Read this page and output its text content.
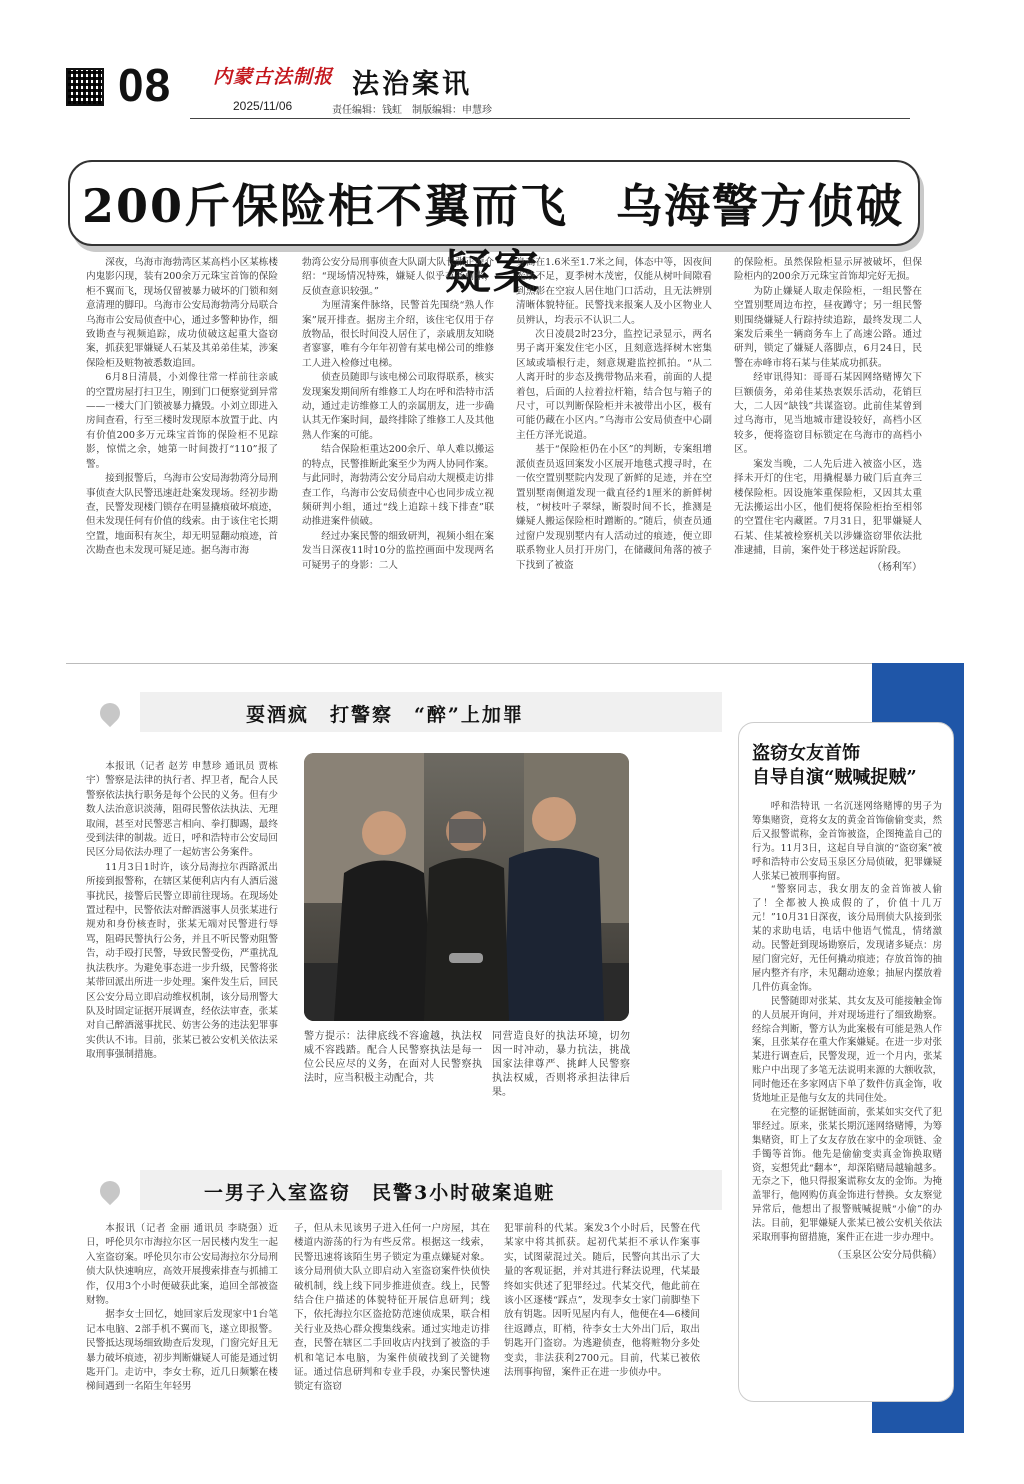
08 内蒙古法制报
2025/11/06
法治案讯
责任编辑：钱虹　制版编辑：申慧珍
200斤保险柜不翼而飞　乌海警方侦破疑案

深夜，乌海市海勃湾区某高档小区某栋楼内鬼影闪现，装有200余万元珠宝首饰的保险柜不翼而飞，现场仅留被暴力破坏的门锁和刻意清理的脚印。乌海市公安局海勃湾分局联合乌海市公安局侦查中心，通过多警种协作，细致勘查与视频追踪，成功侦破这起重大盗窃案，抓获犯罪嫌疑人石某及其弟弟佳某，涉案保险柜及赃物被悉数追回。

6月8日清晨，小刘像往常一样前往亲戚的空置房屋打扫卫生，刚到门口便察觉到异常——一楼大门门锁被暴力撬毁。小刘立即进入房间查看，行至三楼时发现原本放置于此、内有价值200多万元珠宝首饰的保险柜不见踪影，惊慌之余，她第一时间拨打“110”报了警。

接到报警后，乌海市公安局海勃湾分局刑事侦查大队民警迅速赶赴案发现场。经初步勘查，民警发现楼门锁存在明显撬痕破坏痕迹，但未发现任何有价值的线索。由于该住宅长期空置，地面积有灰尘，却无明显翻动痕迹，首次勘查也未发现可疑足迹。据乌海市海

勃湾公安分局刑事侦查大队副大队长张正源介绍：“现场情况特殊，嫌疑人似乎有备而来，反侦查意识较强。”

为厘清案件脉络，民警首先围绕“熟人作案”展开排查。据房主介绍，该住宅仅用于存放物品，很长时间没人居住了，亲戚朋友知晓者寥寥，唯有今年年初曾有某电梯公司的维修工人进入检修过电梯。

侦查员随即与该电梯公司取得联系，核实发现案发期间所有维修工人均在呼和浩特市活动，通过走访维修工人的亲属朋友，进一步确认其无作案时间，最终排除了维修工人及其他熟人作案的可能。

结合保险柜重达200余斤、单人难以搬运的特点，民警推断此案至少为两人协同作案。与此同时，海勃湾公安分局启动大规模走访排查工作，乌海市公安局侦查中心也同步成立视频研判小组，通过“线上追踪＋线下排查”联动推进案件侦破。

经过办案民警的细致研判，视频小组在案发当日深夜11时10分的监控画面中发现两名可疑男子的身影：二人

身高在1.6米至1.7米之间，体态中等，因夜间光线不足，夏季树木茂密，仅能从树叶间隙看到黑影在空寂人居住地门口活动，且无法辨别清晰体貌特征。民警找来报案人及小区物业人员辨认，均表示不认识二人。

次日凌晨2时23分，监控记录显示，两名男子离开案发住宅小区，且刻意选择树木密集区域或墙根行走，刻意规避监控抓拍。“从二人离开时的步态及携带物品来看，前面的人提着包，后面的人拉着拉杆箱，结合包与箱子的尺寸，可以判断保险柜并未被带出小区，极有可能仍藏在小区内。”乌海市公安局侦查中心副主任方泽光说道。

基于“保险柜仍在小区”的判断，专案组增派侦查员返回案发小区展开地毯式搜寻时，在一依空置别墅院内发现了新鲜的足迹，并在空置别墅南侧道发现一截直径约1厘米的新鲜树枝，“树枝叶子翠绿，断裂时间不长，推测是嫌疑人搬运保险柜时蹭断的。”随后，侦查员通过窗户发现别墅内有人活动过的痕迹，便立即联系物业人员打开房门，在储藏间角落的被子下找到了被盗

的保险柜。虽然保险柜显示屏被破坏，但保险柜内的200余万元珠宝首饰却完好无损。

为防止嫌疑人取走保险柜，一组民警在空置别墅周边布控，昼夜蹲守；另一组民警则围绕嫌疑人行踪持续追踪，最终发现二人案发后乘坐一辆商务车上了高速公路。通过研判，锁定了嫌疑人落脚点，6月24日，民警在赤峰市将石某与佳某成功抓获。

经审讯得知：哥哥石某因网络赌博欠下巨额债务，弟弟佳某热衷娱乐活动，花销巨大，二人因“缺钱”共谋盗窃。此前佳某曾到过乌海市，见当地城市建设较好，高档小区较多，便将盗窃目标锁定在乌海市的高档小区。

案发当晚，二人先后进入被盗小区，选择未开灯的住宅，用撬棍暴力破门后直奔三楼保险柜。因设施笨重保险柜，又因其太重无法搬运出小区，他们便将保险柜抬至相邻的空置住宅内藏匿。7月31日，犯罪嫌疑人石某、佳某被检察机关以涉嫌盗窃罪依法批准逮捕，目前，案件处于移送起诉阶段。

（杨利军）
耍酒疯　打警察　“醉”上加罪

本报讯（记者 赵芳 申慧珍 通讯员 贾栋宇）警察是法律的执行者、捍卫者，配合人民警察依法执行职务是每个公民的义务。但有少数人法治意识淡薄，阻碍民警依法执法、无理取闹，甚至对民警恶言相向、拳打脚踢，最终受到法律的制裁。近日，呼和浩特市公安局回民区分局依法办理了一起妨害公务案件。

11月3日1时许，该分局海拉尔西路派出所接到报警称，在辖区某便利店内有人酒后滋事扰民，接警后民警立即前往现场。在现场处置过程中，民警依法对醉酒滋事人员张某进行规劝和身份核查时，张某无端对民警进行辱骂，阻碍民警执行公务，并且不听民警劝阻警告，动手殴打民警，导致民警受伤，严重扰乱执法秩序。为避免事态进一步升级，民警将张某带回派出所进一步处理。案件发生后，回民区公安分局立即启动维权机制，该分局刑警大队及时固定证据开展调查，经依法审查，张某对自己醉酒滋事扰民、妨害公务的违法犯罪事实供认不讳。目前，张某已被公安机关依法采取刑事强制措施。

警方提示：法律底线不容逾越，执法权威不容践踏。配合人民警察执法是每一位公民应尽的义务，在面对人民警察执法时，应当积极主动配合，共
同营造良好的执法环境，切勿因一时冲动，暴力抗法，挑战国家法律尊严、挑衅人民警察执法权威，否则将承担法律后果。
一男子入室盗窃　民警3小时破案追赃

本报讯（记者 金丽 通讯员 李晓强）近日，呼伦贝尔市海拉尔区一居民楼内发生一起入室盗窃案。呼伦贝尔市公安局海拉尔分局刑侦大队快速响应，高效开展搜索排查与抓捕工作，仅用3个小时便破获此案，追回全部被盗财物。

据李女士回忆，她回家后发现家中1台笔记本电脑、2部手机不翼而飞，遂立即报警。民警抵达现场细致勘查后发现，门窗完好且无暴力破坏痕迹，初步判断嫌疑人可能是通过钥匙开门。走访中，李女士称，近几日频繁在楼梯间遇到一名陌生年轻男

子，但从未见该男子进入任何一户房屋，其在楼道内游荡的行为有些反常。根据这一线索，民警迅速将该陌生男子锁定为重点嫌疑对象。该分局刑侦大队立即启动入室盗窃案件快侦快破机制，线上线下同步推进侦查。线上，民警结合住户描述的体貌特征开展信息研判；线下，依托海拉尔区盗抢防范速侦成果，联合相关行业及热心群众搜集线索。通过实地走访排查，民警在辖区二手回收店内找到了被盗的手机和笔记本电脑，为案件侦破找到了关键物证。通过信息研判和专业手段，办案民警快速锁定有盗窃

犯罪前科的代某。案发3个小时后，民警在代某家中将其抓获。起初代某拒不承认作案事实，试图蒙混过关。随后，民警向其出示了大量的客观证据，并对其进行释法说理，代某最终如实供述了犯罪经过。代某交代，他此前在该小区逐楼“踩点”，发现李女士家门前脚垫下放有钥匙。因听见屋内有人，他便在4—6楼间往返蹲点，盯梢，待李女士大外出门后，取出钥匙开门盗窃。为逃避侦查，他将赃物分多处变卖，非法获利2700元。目前，代某已被依法刑事拘留，案件正在进一步侦办中。

盗窃女友首饰
自导自演“贼喊捉贼”

呼和浩特讯 一名沉迷网络赌博的男子为筹集赌资，竟将女友的黄金首饰偷偷变卖，然后又报警谎称，金首饰被盗，企图掩盖自己的行为。11月3日，这起自导自演的“盗窃案”被呼和浩特市公安局玉泉区分局侦破，犯罪嫌疑人张某已被刑事拘留。

“警察同志，我女朋友的金首饰被人偷了！全都被人换成假的了，价值十几万元！”10月31日深夜，该分局刑侦大队接到张某的求助电话，电话中他语气慌乱，情绪激动。民警赶到现场勘察后，发现诸多疑点：房屋门窗完好，无任何撬动痕迹；存放首饰的抽屉内整齐有序，未见翻动迹象；抽屉内摆放着几件仿真金饰。

民警随即对张某、其女友及可能接触金饰的人员展开询问，并对现场进行了细致勘察。经综合判断，警方认为此案极有可能是熟人作案，且张某存在重大作案嫌疑。在进一步对张某进行调查后，民警发现，近一个月内，张某账户中出现了多笔无法说明来源的大额收款，同时他还在多家网店下单了数件仿真金饰，收货地址正是他与女友的共同住处。

在完整的证据链面前，张某如实交代了犯罪经过。原来，张某长期沉迷网络赌博，为筹集赌资，盯上了女友存放在家中的金项链、金手镯等首饰。他先是偷偷变卖真金饰换取赌资，妄想凭此“翻本”，却深陷赌局越输越多。无奈之下，他只得报案谎称女友的金饰。为掩盖罪行，他网购仿真金饰进行替换。女友察觉异常后，他想出了报警贼喊捉贼“小偷”的办法。目前，犯罪嫌疑人张某已被公安机关依法采取刑事拘留措施，案件正在进一步办理中。

（玉泉区公安分局供稿）
